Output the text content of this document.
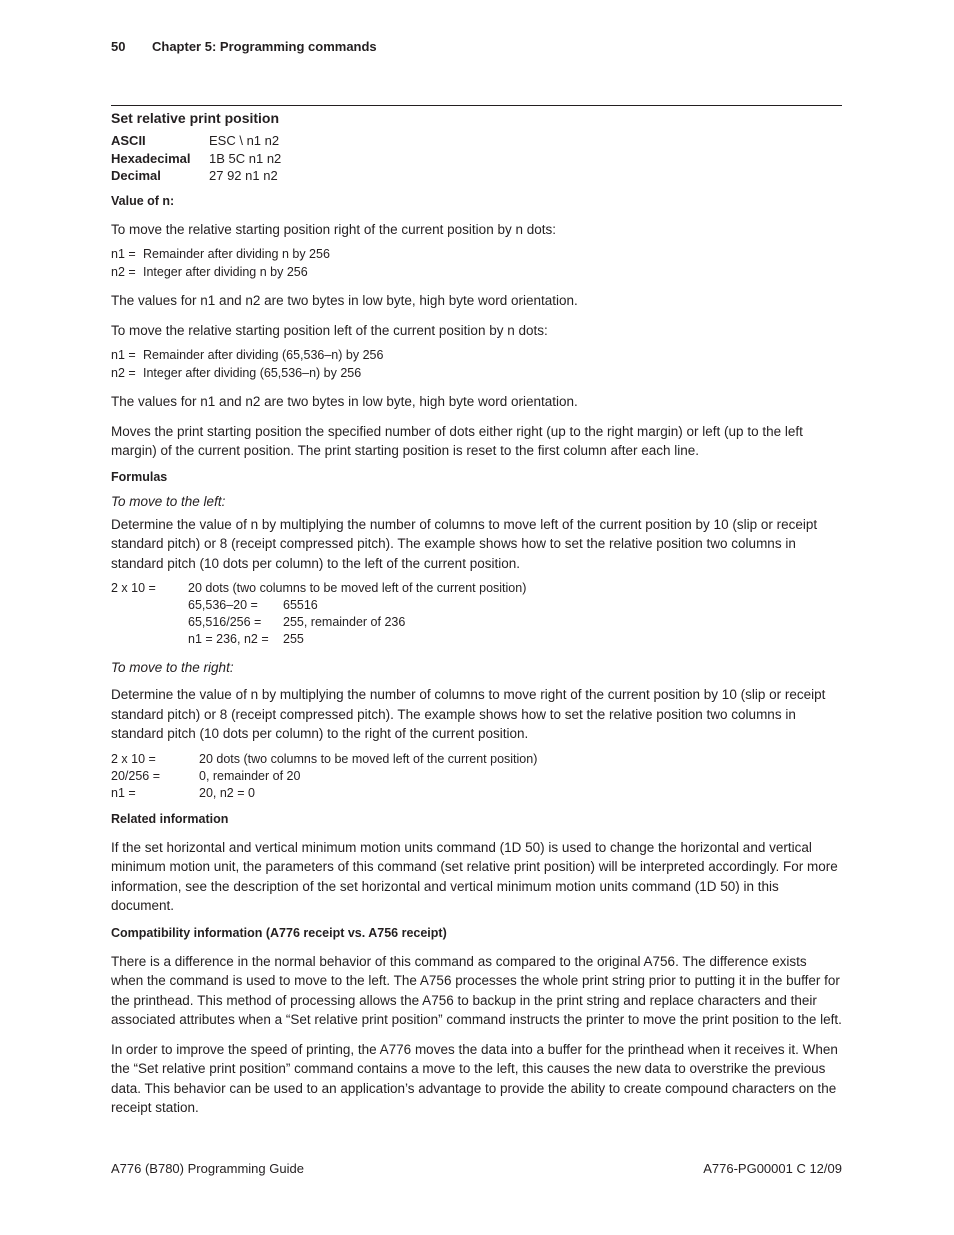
50 Chapter 5: Programming commands
Set relative print position
ASCII	ESC \ n1 n2
Hexadecimal	1B 5C n1 n2
Decimal	27 92 n1 n2
Value of n:

To move the relative starting position right of the current position by n dots:

n1 = Remainder after dividing n by 256
n2 = Integer after dividing n by 256

The values for n1 and n2 are two bytes in low byte, high byte word orientation.

To move the relative starting position left of the current position by n dots:

n1 = Remainder after dividing (65,536–n) by 256
n2 = Integer after dividing (65,536–n) by 256

The values for n1 and n2 are two bytes in low byte, high byte word orientation.

Moves the print starting position the specified number of dots either right (up to the right margin) or left (up to the left margin) of the current position. The print starting position is reset to the first column after each line.

Formulas
To move to the left:

Determine the value of n by multiplying the number of columns to move left of the current position by 10 (slip or receipt standard pitch) or 8 (receipt compressed pitch). The example shows how to set the relative position two columns in standard pitch (10 dots per column) to the left of the current position.

2 x 10 =	20 dots (two columns to be moved left of the current position)
65,536–20 =	65516
65,516/256 =	255, remainder of 236
n1 = 236, n2 =	255
To move to the right:

Determine the value of n by multiplying the number of columns to move right of the current position by 10 (slip or receipt standard pitch) or 8 (receipt compressed pitch). The example shows how to set the relative position two columns in standard pitch (10 dots per column) to the right of the current position.

2 x 10 =	20 dots (two columns to be moved left of the current position)
20/256 =	0, remainder of 20
n1 =	20, n2 = 0
Related information

If the set horizontal and vertical minimum motion units command (1D 50) is used to change the horizontal and vertical minimum motion unit, the parameters of this command (set relative print position) will be interpreted accordingly. For more information, see the description of the set horizontal and vertical minimum motion units command (1D 50) in this document.

Compatibility information (A776 receipt vs. A756 receipt)

There is a difference in the normal behavior of this command as compared to the original A756. The difference exists when the command is used to move to the left. The A756 processes the whole print string prior to putting it in the buffer for the printhead. This method of processing allows the A756 to backup in the print string and replace characters and their associated attributes when a “Set relative print position” command instructs the printer to move the print position to the left.

In order to improve the speed of printing, the A776 moves the data into a buffer for the printhead when it receives it. When the “Set relative print position” command contains a move to the left, this causes the new data to overstrike the previous data. This behavior can be used to an application’s advantage to provide the ability to create compound characters on the receipt station.

A776 (B780) Programming Guide	A776-PG00001 C 12/09
